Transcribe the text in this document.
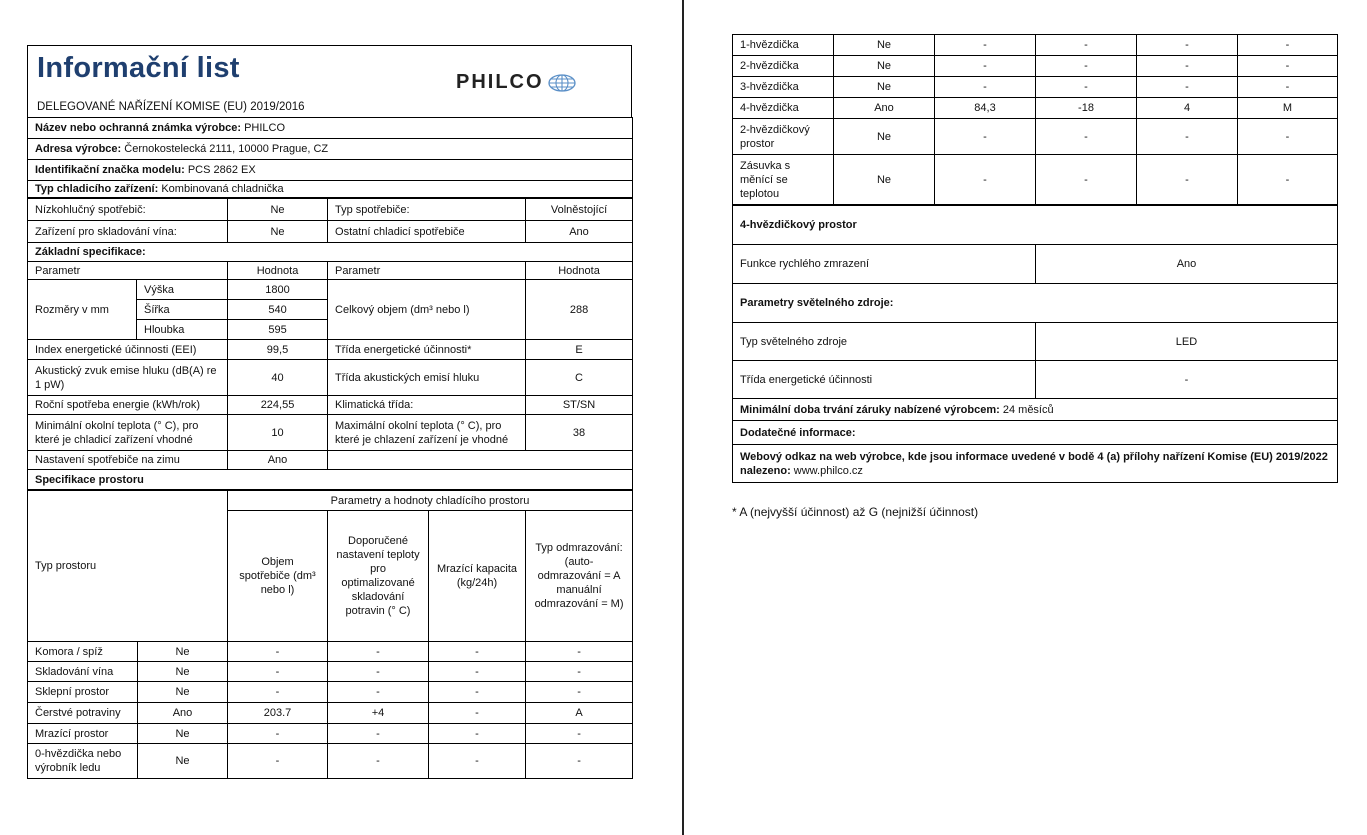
Informační list
DELEGOVANÉ NAŘÍZENÍ KOMISE (EU) 2019/2016
PHILCO
Název nebo ochranná známka výrobce: PHILCO
Adresa výrobce: Černokostelecká 2111, 10000 Prague, CZ
Identifikační značka modelu: PCS 2862 EX
Typ chladicího zařízení: Kombinovaná chladnička
Nízkohlučný spotřebič:		Ne	Typ spotřebiče:	Volněstojící
Zařízení pro skladování vína:		Ne	Ostatní chladicí spotřebiče	Ano
Základní specifikace:				
Parametr		Hodnota	Parametr	Hodnota
Rozměry v mm	Výška	1800	Celkový objem (dm³ nebo l)	288
	Šířka	540		
	Hloubka	595		
Index energetické účinnosti (EEI)		99,5	Třída energetické účinnosti*	E
Akustický zvuk emise hluku (dB(A) re 1 pW)		40	Třída akustických emisí hluku	C
Roční spotřeba energie (kWh/rok)		224,55	Klimatická třída:	ST/SN
Minimální okolní teplota (° C), pro které je chladicí zařízení vhodné		10	Maximální okolní teplota (° C), pro které je chlazení zařízení je vhodné	38
Nastavení spotřebiče na zimu		Ano		
Specifikace prostoru				
Typ prostoru		Parametry a hodnoty chladícího prostoru			
		Objem spotřebiče (dm³ nebo l)	Doporučené nastavení teploty pro optimalizované skladování potravin (° C)	Mrazící kapacita (kg/24h)	Typ odmrazování: (auto-odmrazování = A manuální odmrazování = M)
Komora / spíž	Ne	-	-	-	-
Skladování vína	Ne	-	-	-	-
Sklepní prostor	Ne	-	-	-	-
Čerstvé potraviny	Ano	203.7	+4	-	A
Mrazící prostor	Ne	-	-	-	-
0-hvězdička nebo výrobník ledu	Ne	-	-	-	-
1-hvězdička	Ne	-	-	-	-
2-hvězdička	Ne	-	-	-	-
3-hvězdička	Ne	-	-	-	-
4-hvězdička	Ano	84,3	-18	4	M
2-hvězdičkový prostor	Ne	-	-	-	-
Zásuvka s měnící se teplotou	Ne	-	-	-	-
4-hvězdičkový prostor	
Funkce rychlého zmrazení	Ano
Parametry světelného zdroje:	
Typ světelného zdroje	LED
Třída energetické účinnosti	-
Minimální doba trvání záruky nabízené výrobcem: 24 měsíců	
Dodatečné informace:	
Webový odkaz na web výrobce, kde jsou informace uvedené v bodě 4 (a) přílohy nařízení Komise (EU) 2019/2022 nalezeno: www.philco.cz	
* A (nejvyšší účinnost) až G (nejnižší účinnost)
